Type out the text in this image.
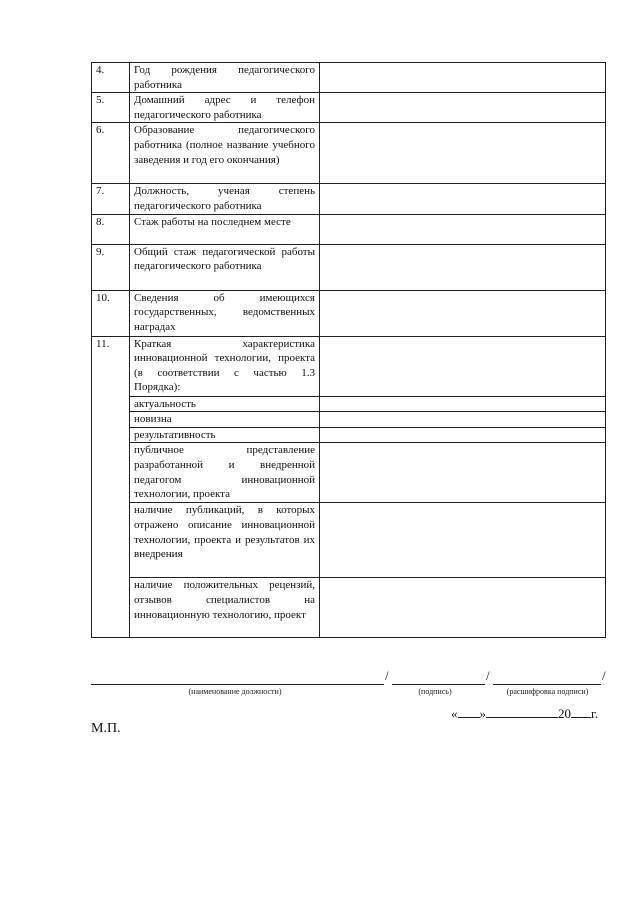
4.	Год рождения педагогического работника	
5.	Домашний адрес и телефон педагогического работника	
6.	Образование педагогического работника (полное название учебного заведения и год его окончания)	
7.	Должность, ученая степень педагогического работника	
8.	Стаж работы на последнем месте	
9.	Общий стаж педагогической работы педагогического работника	
10.	Сведения об имеющихся государственных, ведомственных наградах	
11.	Краткая характеристика инновационной технологии, проекта (в соответствии с частью 1.3 Порядка):	
	актуальность	
	новизна	
	результативность	
	публичное представление разработанной и внедренной педагогом инновационной технологии, проекта	
	наличие публикаций, в которых отражено описание инновационной технологии, проекта и результатов их внедрения	
	наличие положительных рецензий, отзывов специалистов на инновационную технологию, проект	
/	/	/
(наименование должности)	(подпись)	(расшифровка подписи)
« »	20 г.
М.П.
